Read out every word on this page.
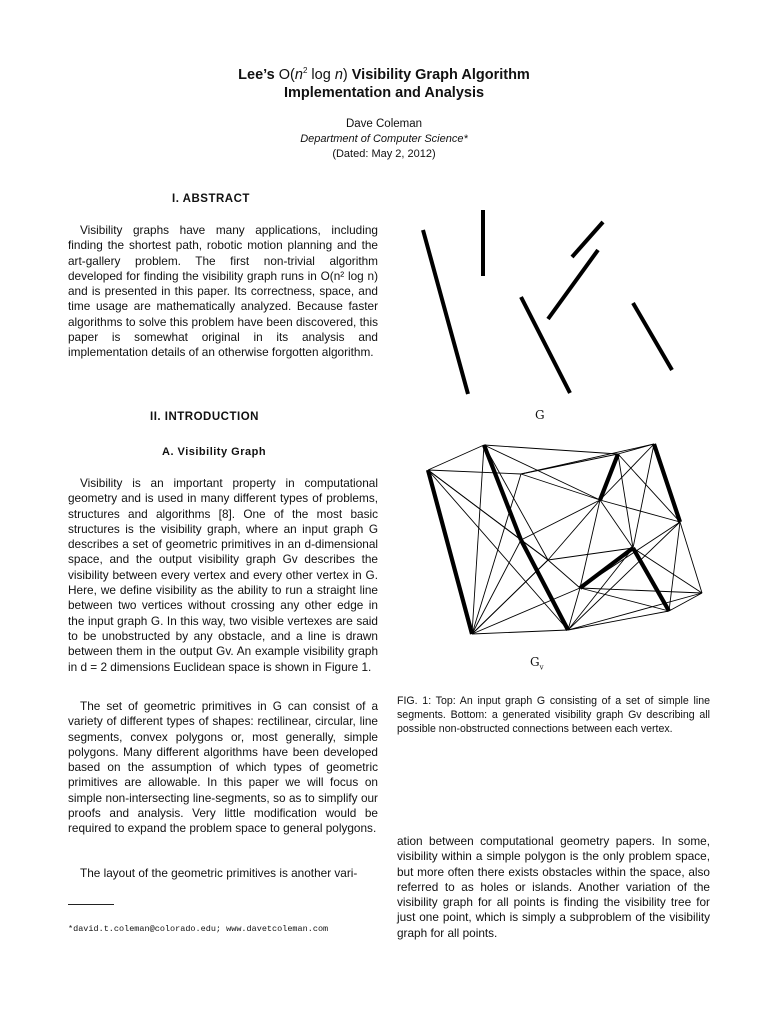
Lee’s $O(n^2$ log n) Visibility Graph Algorithm
Implementation and Analysis
Dave Coleman
Department of Computer Science*
(Dated: May 2, 2012)
I. ABSTRACT
Visibility graphs have many applications, including finding the shortest path, robotic motion planning and the art-gallery problem. The first non-trivial algorithm developed for finding the visibility graph runs in O(n² log n) and is presented in this paper. Its correctness, space, and time usage are mathematically analyzed. Because faster algorithms to solve this problem have been discovered, this paper is somewhat original in its analysis and implementation details of an otherwise forgotten algorithm.
II. INTRODUCTION
A. Visibility Graph
Visibility is an important property in computational geometry and is used in many different types of problems, structures and algorithms [8]. One of the most basic structures is the visibility graph, where an input graph G describes a set of geometric primitives in an d-dimensional space, and the output visibility graph Gv describes the visibility between every vertex and every other vertex in G. Here, we define visibility as the ability to run a straight line between two vertices without crossing any other edge in the input graph G. In this way, two visible vertexes are said to be unobstructed by any obstacle, and a line is drawn between them in the output Gv. An example visibility graph in d = 2 dimensions Euclidean space is shown in Figure 1.
The set of geometric primitives in G can consist of a variety of different types of shapes: rectilinear, circular, line segments, convex polygons or, most generally, simple polygons. Many different algorithms have been developed based on the assumption of which types of geometric primitives are allowable. In this paper we will focus on simple non-intersecting line-segments, so as to simplify our proofs and analysis. Very little modification would be required to expand the problem space to general polygons.
The layout of the geometric primitives is another vari-
*david.t.coleman@colorado.edu; www.davetcoleman.com
G
$G_v$
FIG. 1: Top: An input graph G consisting of a set of simple line segments. Bottom: a generated visibility graph Gv describing all possible non-obstructed connections between each vertex.
ation between computational geometry papers. In some, visibility within a simple polygon is the only problem space, but more often there exists obstacles within the space, also referred to as holes or islands. Another variation of the visibility graph for all points is finding the visibility tree for just one point, which is simply a subproblem of the visibility graph for all points.
